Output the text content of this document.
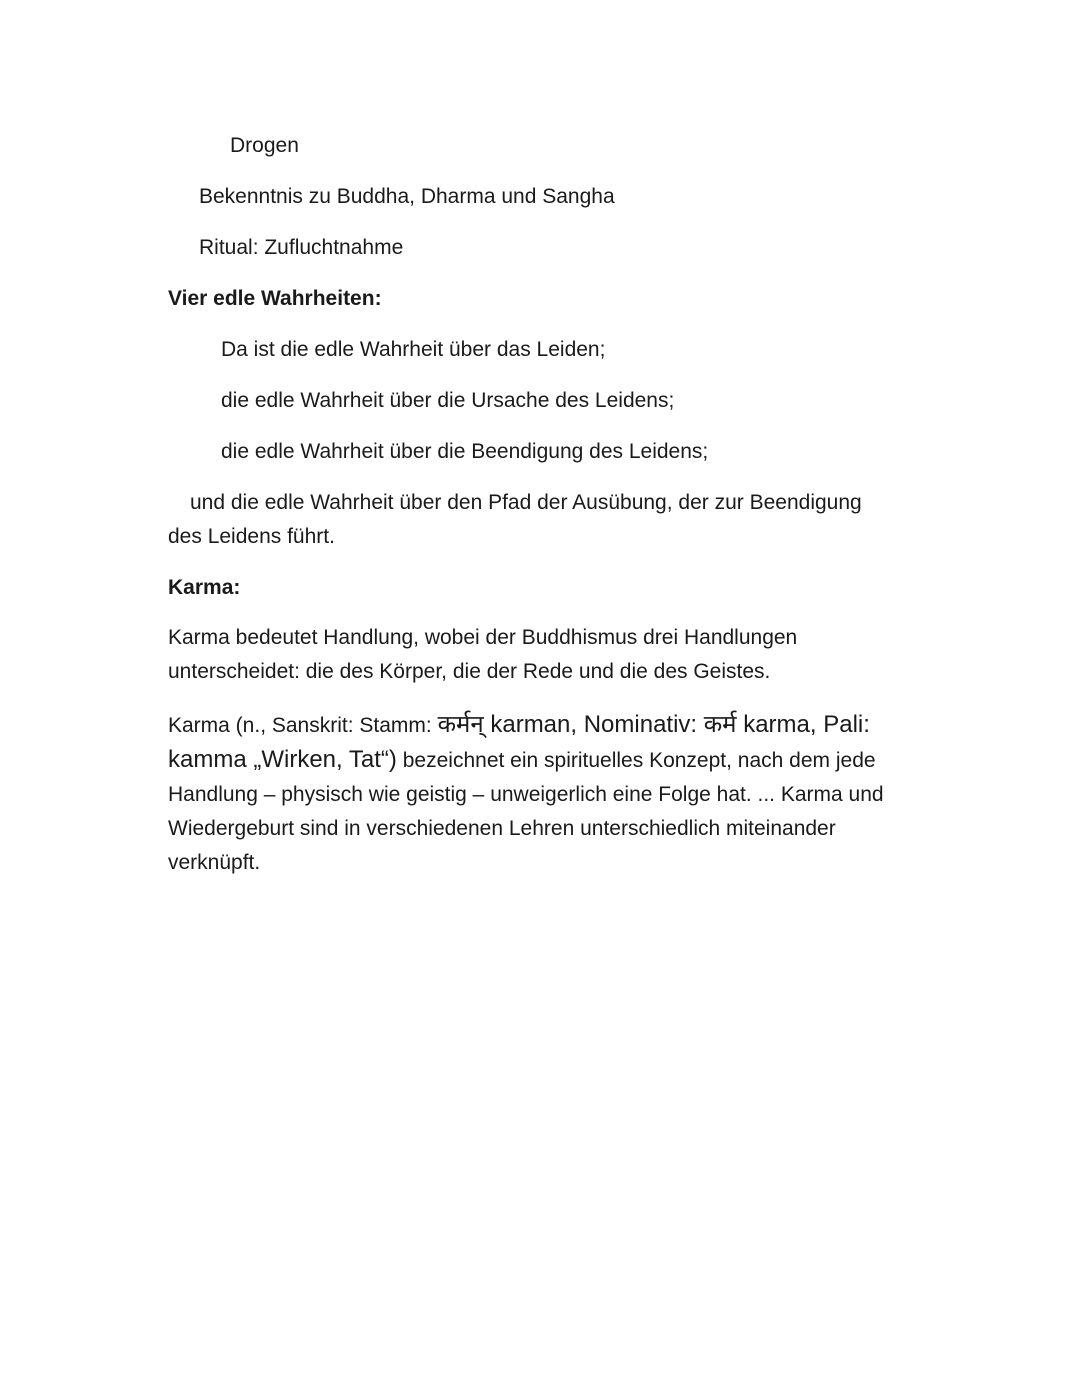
Drogen
Bekenntnis zu Buddha, Dharma und Sangha
Ritual: Zufluchtnahme
Vier edle Wahrheiten:
Da ist die edle Wahrheit über das Leiden;
die edle Wahrheit über die Ursache des Leidens;
die edle Wahrheit über die Beendigung des Leidens;
und die edle Wahrheit über den Pfad der Ausübung, der zur Beendigung
des Leidens führt.
Karma:
Karma bedeutet Handlung, wobei der Buddhismus drei Handlungen unterscheidet: die des Körper, die der Rede und die des Geistes.
Karma (n., Sanskrit: Stamm: कर्मन् karman, Nominativ: कर्म karma, Pali: kamma „Wirken, Tat“) bezeichnet ein spirituelles Konzept, nach dem jede Handlung – physisch wie geistig – unweigerlich eine Folge hat. ... Karma und Wiedergeburt sind in verschiedenen Lehren unterschiedlich miteinander verknüpft.
